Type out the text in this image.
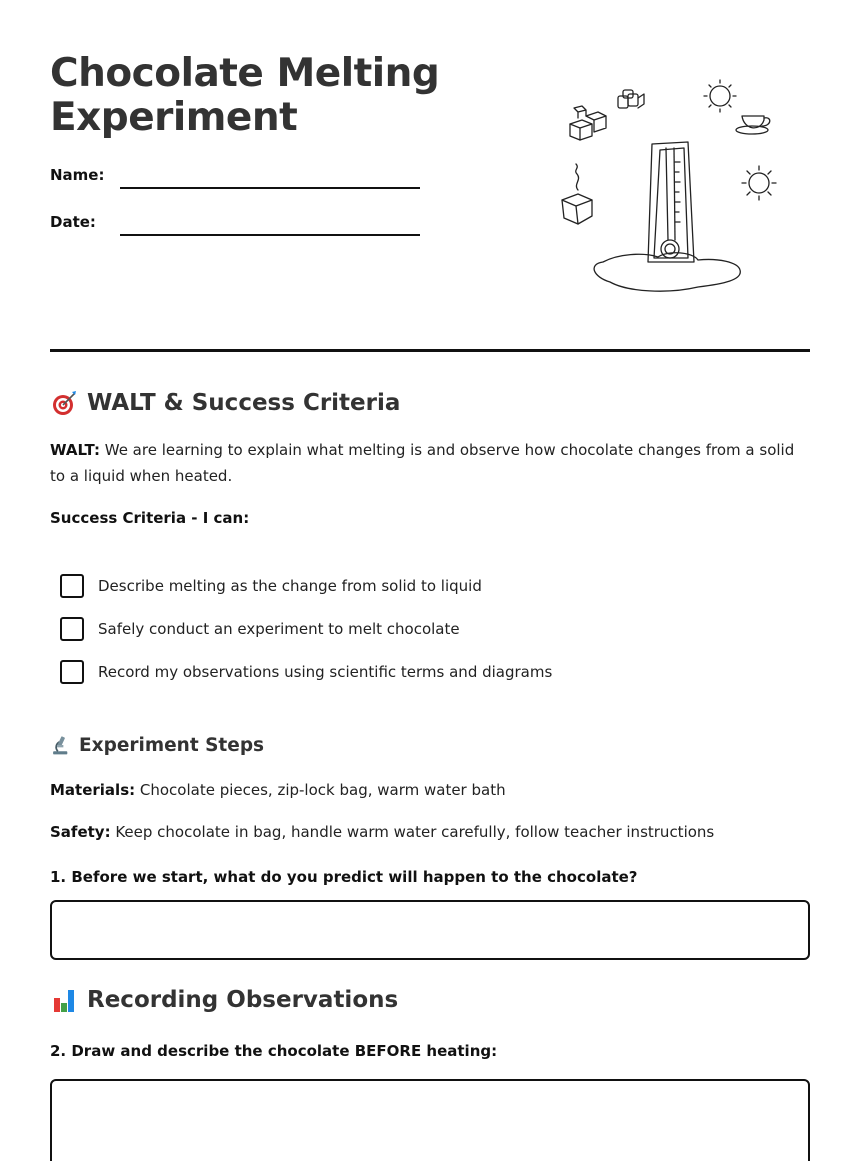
Chocolate Melting
Experiment
Name:
Date:
WALT & Success Criteria

WALT: We are learning to explain what melting is and observe how chocolate changes from a solid to a liquid when heated.

Success Criteria - I can:
Describe melting as the change from solid to liquid
Safely conduct an experiment to melt chocolate
Record my observations using scientific terms and diagrams
Experiment Steps

Materials: Chocolate pieces, zip-lock bag, warm water bath

Safety: Keep chocolate in bag, handle warm water carefully, follow teacher instructions

1. Before we start, what do you predict will happen to the chocolate?
Recording Observations
2. Draw and describe the chocolate BEFORE heating:
